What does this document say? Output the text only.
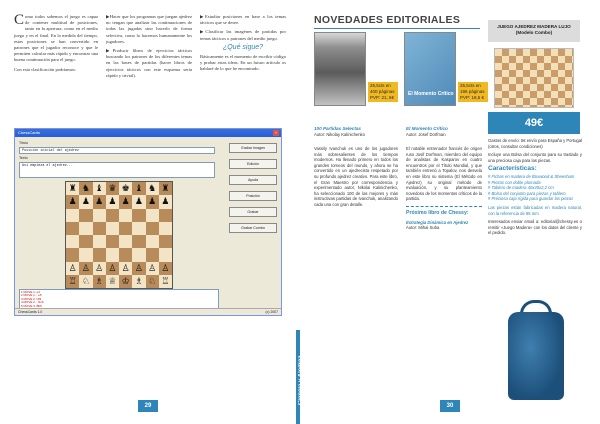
Como todos sabemos el juego es capaz de contener multitud de posiciones, tanto en la apertura, como en el medio juego y en el final. En la medida del tiempo, estas posiciones se han convertido en patrones que el jugador reconoce y que le permiten calcular más rápido y encontrar una buena continuación para el juego.

Con esta clasificación podríamos:

▶Hacer que los programas que juegan ajedrez no tengan que analizar las continuaciones de todas las jugadas sino hacerlo de forma selectiva, como lo hacemos humanamente los jugadores.

▶Producir libros de ejercicios tácticos buscando los patrones de los diferentes temas en las bases de partidas (hacer libros de ejercicios tácticos con este esquema sería rápido y trivial).

▶Estudiar posiciones en base a los temas tácticos que se desee.

▶Clasificar las imagénes de partidas por temas tácticos o patrones del medio juego.

¿Qué sigue?

Básicamente es el momento de escribir código y probar estas ideas. En un futuro artículo os hablaré de lo que he encontrado.

ChessCards	×
Título
Posición inicial del ajedrez
Texto
Así empieza el ajedrez...
Grabar Imagen
Edición
Ayuda
Posición
Grabar
Grabar Combo
♜ ♞ ♝ ♛ ♚ ♝ ♞ ♜
♟ ♟ ♟ ♟ ♟ ♟ ♟ ♟
♙ ♙ ♙ ♙ ♙ ♙ ♙ ♙
♖ ♘ ♗ ♕ ♔ ♗ ♘ ♖
1 MOVE 1. e4
2 MOVE 1... e5
3 MOVE 2. Nf3
4 MOVE 2... Nc6
5 MOVE 3. Bb5
ChessCards 1.0	(c) 2007
29
NOVEDADES EDITORIALES
25,5cts en 400 páginas PVP: 21, 5€
El Momento Crítico
25,5cts en 196 páginas PVP: 18,5 €
100 Partidas Selectas
Autor: Nikolay Kalinichenko
Vassily Ivanchuk es uno de los jugadores más sobresalientes de los tiempos modernos. Ha llenado primero en todos los grandes torneos del mundo, y ahora se ha convertido en un ajedrecista respetado por su profundo ajedrez creativo. Para este libro, el Gran Maestro por correspondencia y experimentado autor, Nikolai Kalinichenko, ha seleccionado 100 de las mejores y más instructivas partidas de Ivanchuk, analizando cada una con gran detalle.
El Momento Crítico
Autor: Josef Dorfman
El notable entrenador francés de origen ruso Josif Dorfman, miembro del equipo de analistas de Kasparov en cuatro encuentros por el Título Mundial, y que también entrenó a Topalov, nos desvela en este libro su sistema (El Método en Ajedrez) su original método de evaluación, y su planteamiento novedoso de los momentos críticos de la partida.
Próximo libro de Chessy:
Estrategia Dinámica en Ajedrez
Autor: Mihai Suba
JUEGO AJEDREZ MADERA LUJO (Modelo Combo)
49€
Gastos de envío: 5€ envío para España y Portugal (otros, consultar condiciones)
Incluye una Bolsa del conjunto para su traslado y una preciosa caja para las piezas.
Características:
# Fichas en madera de Boxwood & Sheesham
# Piezas con doble plomada
# Tablero de madera 40x40x2,2 cm
# Bolsa del conjunto para piezas y tablero
# Preciosa caja rígida para guardar las piezas
Las piezas están fabricadas en madera natural, con la referencia de 85 mm
Interesados enviar email a: editorial@chessy.es o remitir «Juego Madera» con los datos del cliente y el pedido.
30
